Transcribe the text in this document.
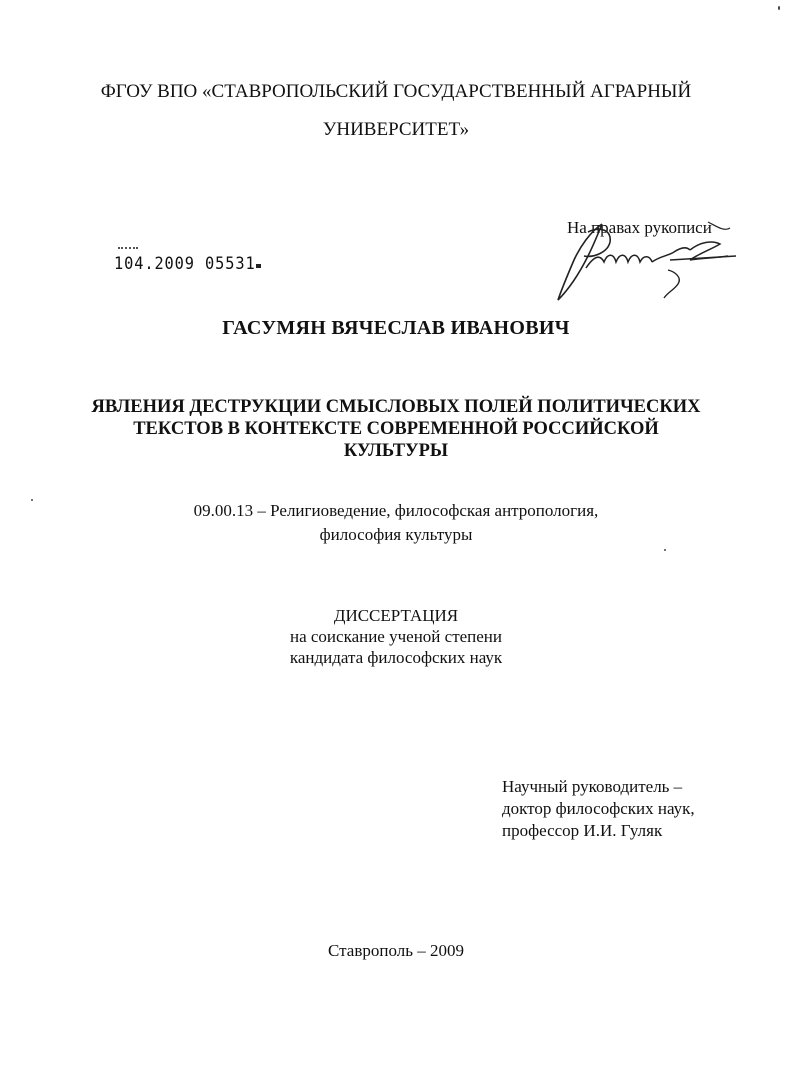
ФГОУ ВПО «СТАВРОПОЛЬСКИЙ ГОСУДАРСТВЕННЫЙ АГРАРНЫЙ
УНИВЕРСИТЕТ»
На правах рукописи
104.2009 05531
ГАСУМЯН ВЯЧЕСЛАВ ИВАНОВИЧ
ЯВЛЕНИЯ ДЕСТРУКЦИИ СМЫСЛОВЫХ ПОЛЕЙ ПОЛИТИЧЕСКИХ
ТЕКСТОВ В КОНТЕКСТЕ СОВРЕМЕННОЙ РОССИЙСКОЙ
КУЛЬТУРЫ
09.00.13 – Религиоведение, философская антропология,
философия культуры
ДИССЕРТАЦИЯ
на соискание ученой степени
кандидата философских наук
Научный руководитель –
доктор философских наук,
профессор И.И. Гуляк
Ставрополь – 2009
